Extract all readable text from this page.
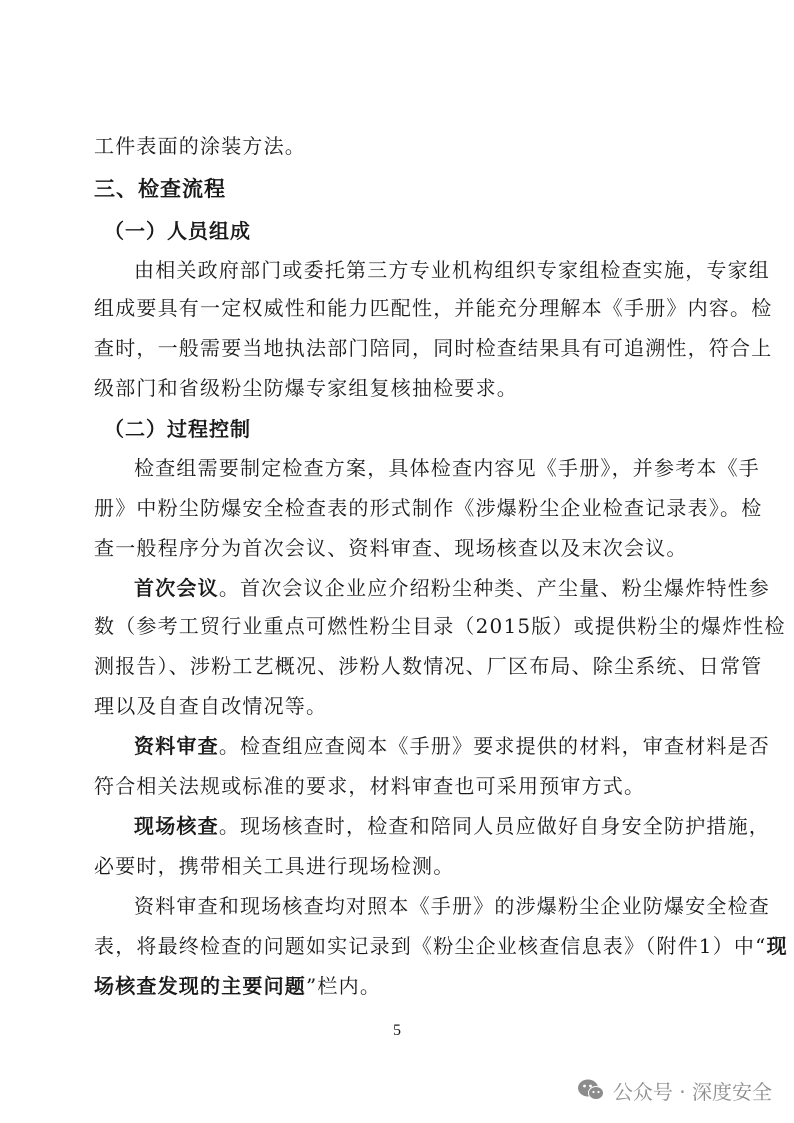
工件表面的涂装方法。
三、检查流程
（一）人员组成
由相关政府部门或委托第三方专业机构组织专家组检查实施，专家组
组成要具有一定权威性和能力匹配性，并能充分理解本《手册》内容。检
查时，一般需要当地执法部门陪同，同时检查结果具有可追溯性，符合上
级部门和省级粉尘防爆专家组复核抽检要求。
（二）过程控制
检查组需要制定检查方案，具体检查内容见《手册》，并参考本《手
册》中粉尘防爆安全检查表的形式制作《涉爆粉尘企业检查记录表》。检
查一般程序分为首次会议、资料审查、现场核查以及末次会议。
首次会议。首次会议企业应介绍粉尘种类、产尘量、粉尘爆炸特性参
数（参考工贸行业重点可燃性粉尘目录（2015版）或提供粉尘的爆炸性检
测报告）、涉粉工艺概况、涉粉人数情况、厂区布局、除尘系统、日常管
理以及自查自改情况等。
资料审查。检查组应查阅本《手册》要求提供的材料，审查材料是否
符合相关法规或标准的要求，材料审查也可采用预审方式。
现场核查。现场核查时，检查和陪同人员应做好自身安全防护措施，
必要时，携带相关工具进行现场检测。
资料审查和现场核查均对照本《手册》的涉爆粉尘企业防爆安全检查
表，将最终检查的问题如实记录到《粉尘企业核查信息表》（附件1）中“现
场核查发现的主要问题”栏内。
5
公众号 · 深度安全
